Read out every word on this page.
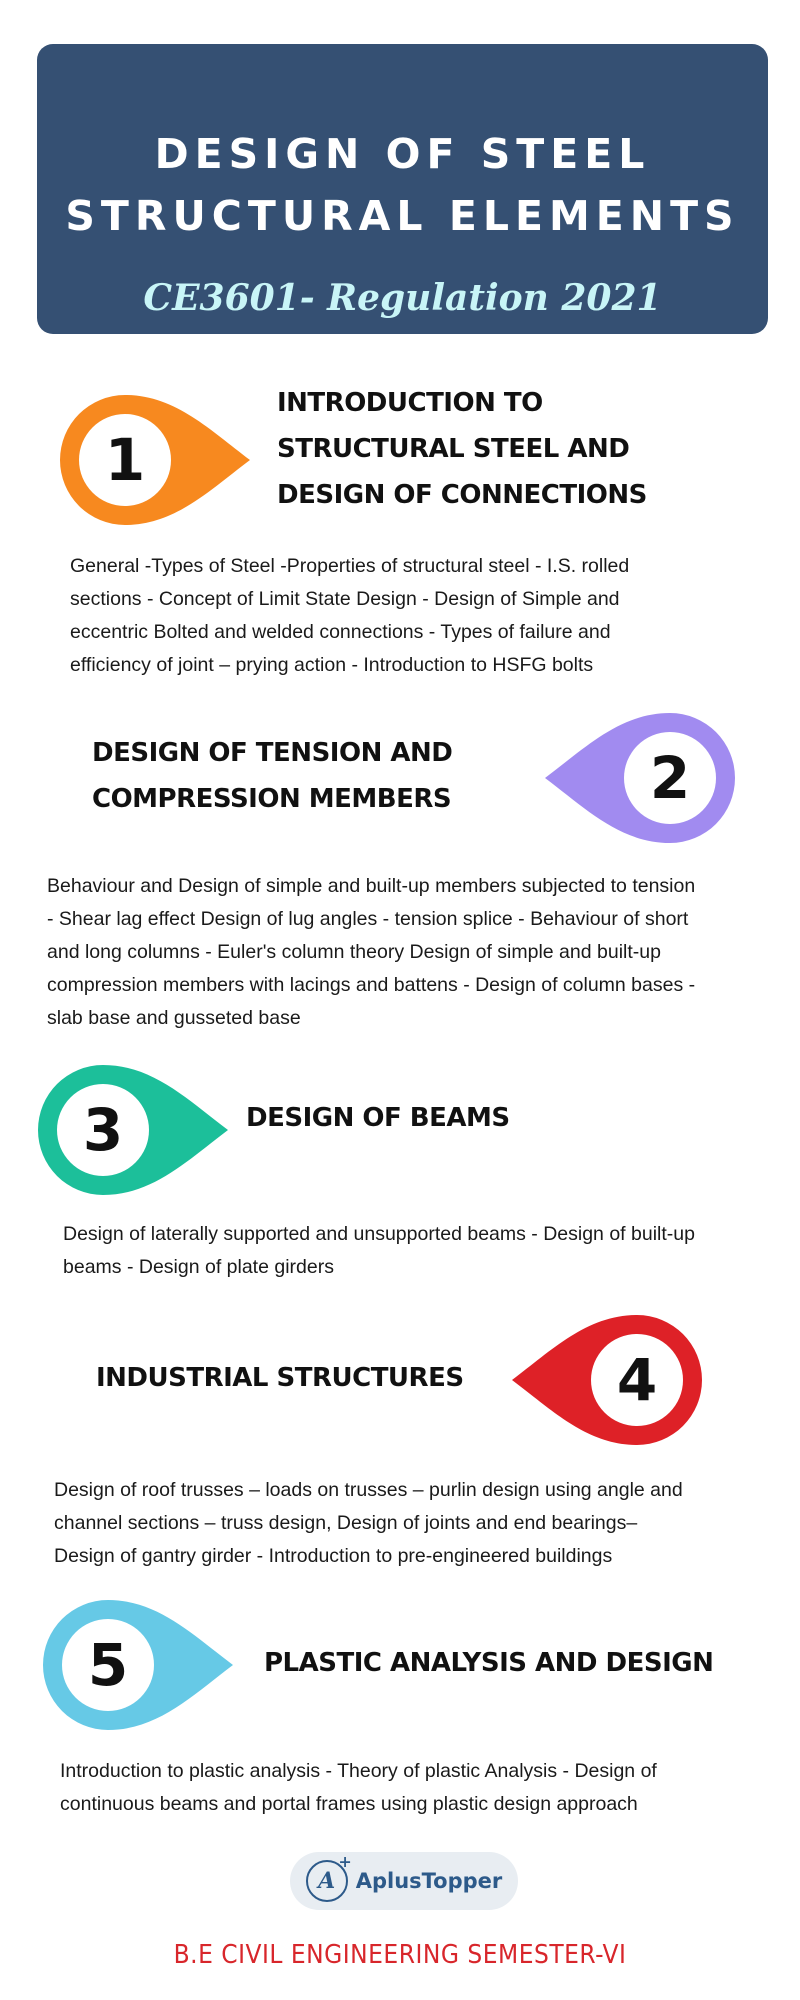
DESIGN OF STEEL
STRUCTURAL ELEMENTS
CE3601- Regulation 2021
1
INTRODUCTION TO
STRUCTURAL STEEL AND
DESIGN OF CONNECTIONS
General -Types of Steel -Properties of structural steel - I.S. rolled
sections - Concept of Limit State Design - Design of Simple and
eccentric Bolted and welded connections - Types of failure and
efficiency of joint – prying action - Introduction to HSFG bolts
DESIGN OF TENSION AND
COMPRESSION MEMBERS	2
Behaviour and Design of simple and built-up members subjected to tension
- Shear lag effect Design of lug angles - tension splice - Behaviour of short
and long columns - Euler's column theory Design of simple and built-up
compression members with lacings and battens - Design of column bases -
slab base and gusseted base
3	DESIGN OF BEAMS
Design of laterally supported and unsupported beams - Design of built-up
beams - Design of plate girders
INDUSTRIAL STRUCTURES	4
Design of roof trusses – loads on trusses – purlin design using angle and
channel sections – truss design, Design of joints and end bearings–
Design of gantry girder - Introduction to pre-engineered buildings
5	PLASTIC ANALYSIS AND DESIGN
Introduction to plastic analysis - Theory of plastic Analysis - Design of
continuous beams and portal frames using plastic design approach
A
+
AplusTopper
B.E CIVIL ENGINEERING SEMESTER-VI
